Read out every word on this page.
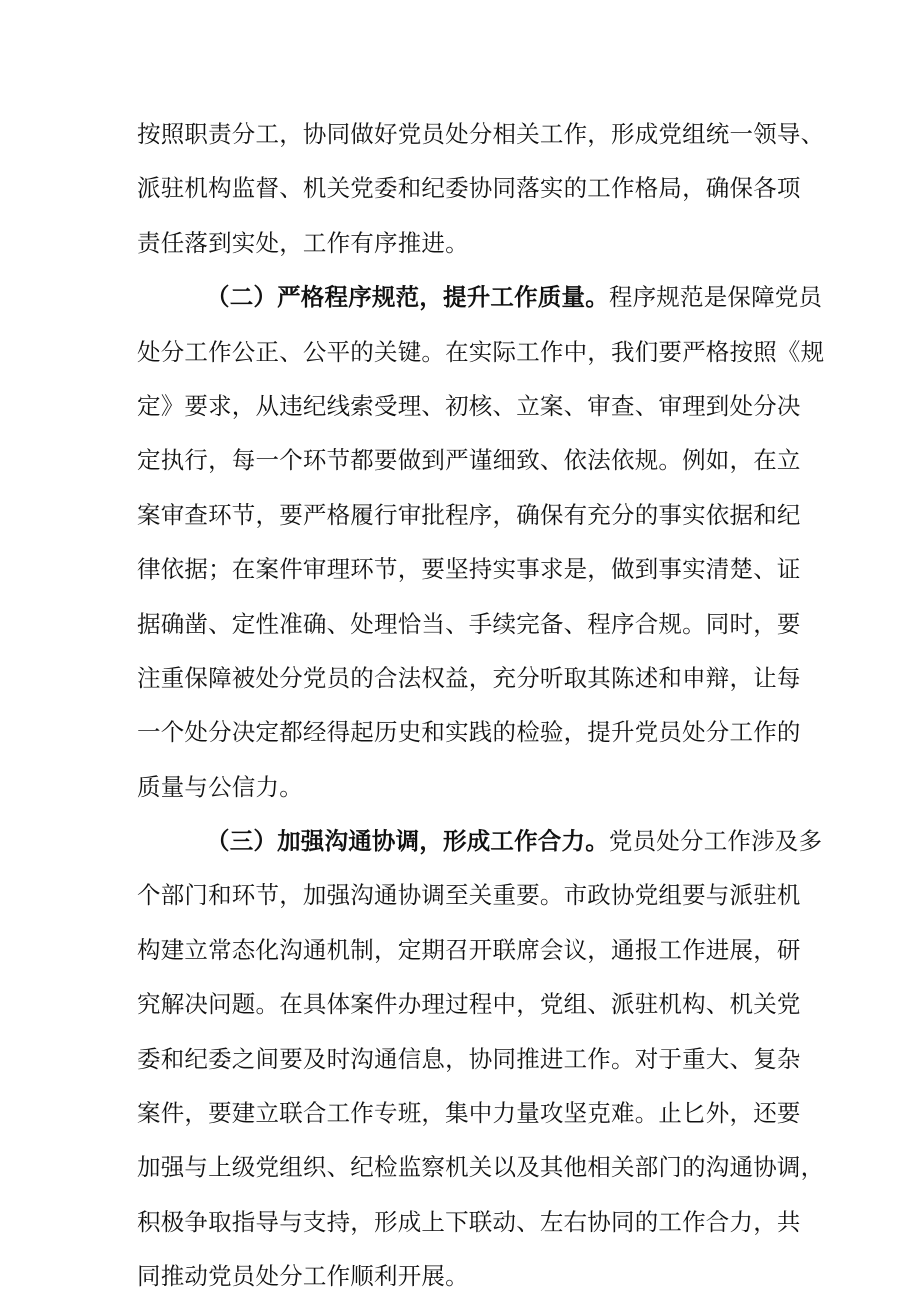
按照职责分工，协同做好党员处分相关工作，形成党组统一领导、
派驻机构监督、机关党委和纪委协同落实的工作格局，确保各项
责任落到实处，工作有序推进。
（二）严格程序规范，提升工作质量。程序规范是保障党员
处分工作公正、公平的关键。在实际工作中，我们要严格按照《规
定》要求，从违纪线索受理、初核、立案、审查、审理到处分决
定执行，每一个环节都要做到严谨细致、依法依规。例如，在立
案审查环节，要严格履行审批程序，确保有充分的事实依据和纪
律依据；在案件审理环节，要坚持实事求是，做到事实清楚、证
据确凿、定性准确、处理恰当、手续完备、程序合规。同时，要
注重保障被处分党员的合法权益，充分听取其陈述和申辩，让每
一个处分决定都经得起历史和实践的检验，提升党员处分工作的
质量与公信力。
（三）加强沟通协调，形成工作合力。党员处分工作涉及多
个部门和环节，加强沟通协调至关重要。市政协党组要与派驻机
构建立常态化沟通机制，定期召开联席会议，通报工作进展，研
究解决问题。在具体案件办理过程中，党组、派驻机构、机关党
委和纪委之间要及时沟通信息，协同推进工作。对于重大、复杂
案件，要建立联合工作专班，集中力量攻坚克难。止匕外，还要
加强与上级党组织、纪检监察机关以及其他相关部门的沟通协调，
积极争取指导与支持，形成上下联动、左右协同的工作合力，共
同推动党员处分工作顺利开展。
